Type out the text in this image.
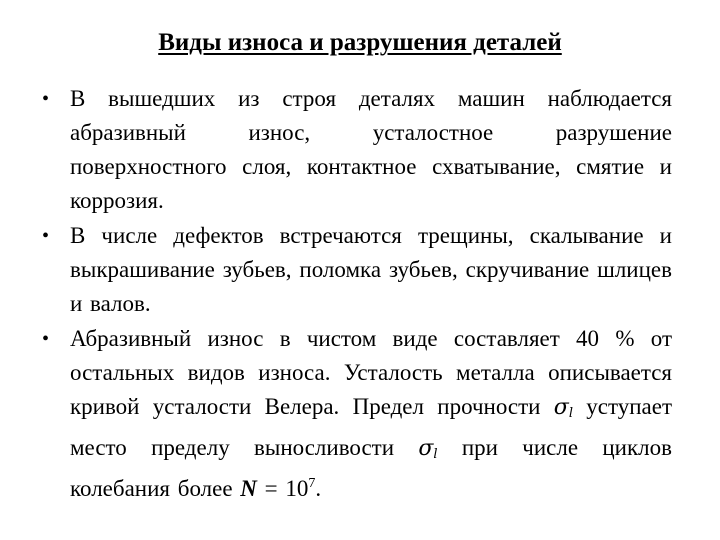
Виды износа и разрушения деталей
• В вышедших из строя деталях машин наблюдается абразивный износ, усталостное разрушение поверхностного слоя, контактное схватывание, смятие и коррозия.

• В числе дефектов встречаются трещины, скалывание и выкрашивание зубьев, поломка зубьев, скручивание шлицев и валов.

• Абразивный износ в чистом виде составляет 40 % от остальных видов износа. Усталость металла описывается кривой усталости Велера. Предел прочности $\sigma_l$ уступает место пределу выносливости $\sigma_l$ при числе циклов колебания более $N = 10^7$.
